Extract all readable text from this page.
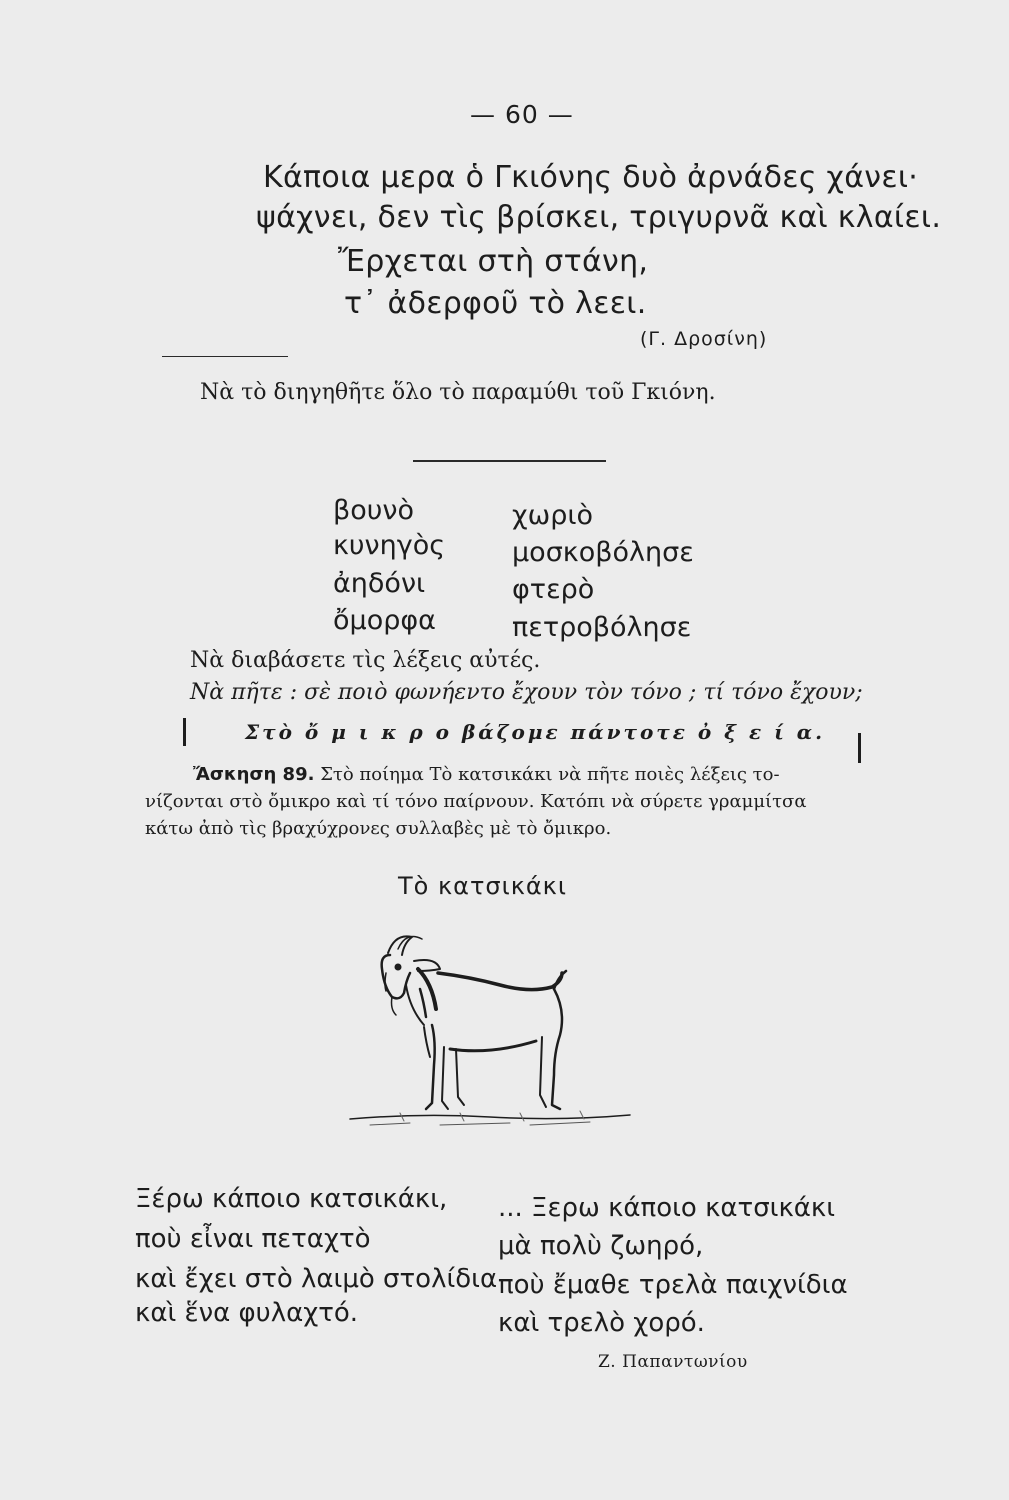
— 60 —
Κάποια μερα ὁ Γκιόνης δυὸ ἀρνάδες χάνει·
ψάχνει, δεν τὶς βρίσκει, τριγυρνᾶ καὶ κλαίει.
Ἔρχεται στὴ στάνη,
τ᾽ ἀδερφοῦ τὸ λεει.
(Γ. Δροσίνη)
Νὰ τὸ διηγηθῆτε ὅλο τὸ παραμύθι τοῦ Γκιόνη.
βουνὸ
κυνηγὸς
ἀηδόνι
ὄμορφα
χωριὸ
μοσκοβόλησε
φτερὸ
πετροβόλησε
Νὰ διαβάσετε τὶς λέξεις αὐτές.
Νὰ πῆτε : σὲ ποιὸ φωνήεντο ἔχουν τὸν τόνο ; τί τόνο ἔχουν;
Στὸ ὄ μ ι κ ρ ο βάζομε πάντοτε ὀ ξ ε ί α.
Ἄσκηση 89. Στὸ ποίημα Τὸ κατσικάκι νὰ πῆτε ποιὲς λέξεις το-
νίζονται στὸ ὄμικρο καὶ τί τόνο παίρνουν. Κατόπι νὰ σύρετε γραμμίτσα
κάτω ἀπὸ τὶς βραχύχρονες συλλαβὲς μὲ τὸ ὄμικρο.
Τὸ κατσικάκι
Ξέρω κάποιο κατσικάκι,
ποὺ εἶναι πεταχτὸ
καὶ ἔχει στὸ λαιμὸ στολίδια
καὶ ἕνα φυλαχτό.
... Ξερω κάποιο κατσικάκι
μὰ πολὺ ζωηρό,
ποὺ ἔμαθε τρελὰ παιχνίδια
καὶ τρελὸ χορό.
Ζ. Παπαντωνίου
